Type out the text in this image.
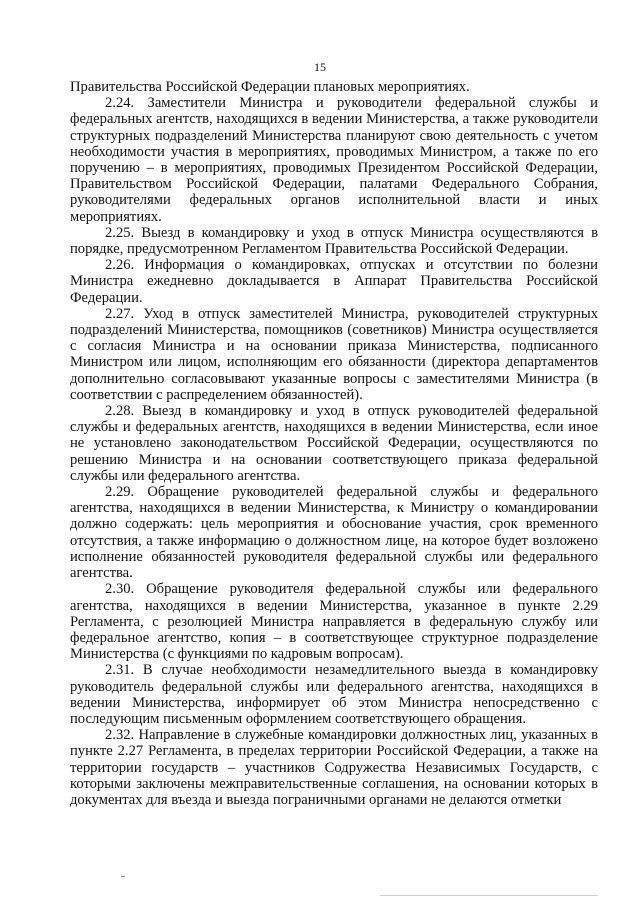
15

Правительства Российской Федерации плановых мероприятиях.

2.24. Заместители Министра и руководители федеральной службы и федеральных агентств, находящихся в ведении Министерства, а также руководители структурных подразделений Министерства планируют свою деятельность с учетом необходимости участия в мероприятиях, проводимых Министром, а также по его поручению – в мероприятиях, проводимых Президентом Российской Федерации, Правительством Российской Федерации, палатами Федерального Собрания, руководителями федеральных органов исполнительной власти и иных мероприятиях.

2.25. Выезд в командировку и уход в отпуск Министра осуществляются в порядке, предусмотренном Регламентом Правительства Российской Федерации.

2.26. Информация о командировках, отпусках и отсутствии по болезни Министра ежедневно докладывается в Аппарат Правительства Российской Федерации.

2.27. Уход в отпуск заместителей Министра, руководителей структурных подразделений Министерства, помощников (советников) Министра осуществляется с согласия Министра и на основании приказа Министерства, подписанного Министром или лицом, исполняющим его обязанности (директора департаментов дополнительно согласовывают указанные вопросы с заместителями Министра (в соответствии с распределением обязанностей).

2.28. Выезд в командировку и уход в отпуск руководителей федеральной службы и федеральных агентств, находящихся в ведении Министерства, если иное не установлено законодательством Российской Федерации, осуществляются по решению Министра и на основании соответствующего приказа федеральной службы или федерального агентства.

2.29. Обращение руководителей федеральной службы и федерального агентства, находящихся в ведении Министерства, к Министру о командировании должно содержать: цель мероприятия и обоснование участия, срок временного отсутствия, а также информацию о должностном лице, на которое будет возложено исполнение обязанностей руководителя федеральной службы или федерального агентства.

2.30. Обращение руководителя федеральной службы или федерального агентства, находящихся в ведении Министерства, указанное в пункте 2.29 Регламента, с резолюцией Министра направляется в федеральную службу или федеральное агентство, копия – в соответствующее структурное подразделение Министерства (с функциями по кадровым вопросам).

2.31. В случае необходимости незамедлительного выезда в командировку руководитель федеральной службы или федерального агентства, находящихся в ведении Министерства, информирует об этом Министра непосредственно с последующим письменным оформлением соответствующего обращения.

2.32. Направление в служебные командировки должностных лиц, указанных в пункте 2.27 Регламента, в пределах территории Российской Федерации, а также на территории государств – участников Содружества Независимых Государств, с которыми заключены межправительственные соглашения, на основании которых в документах для въезда и выезда пограничными органами не делаются отметки
